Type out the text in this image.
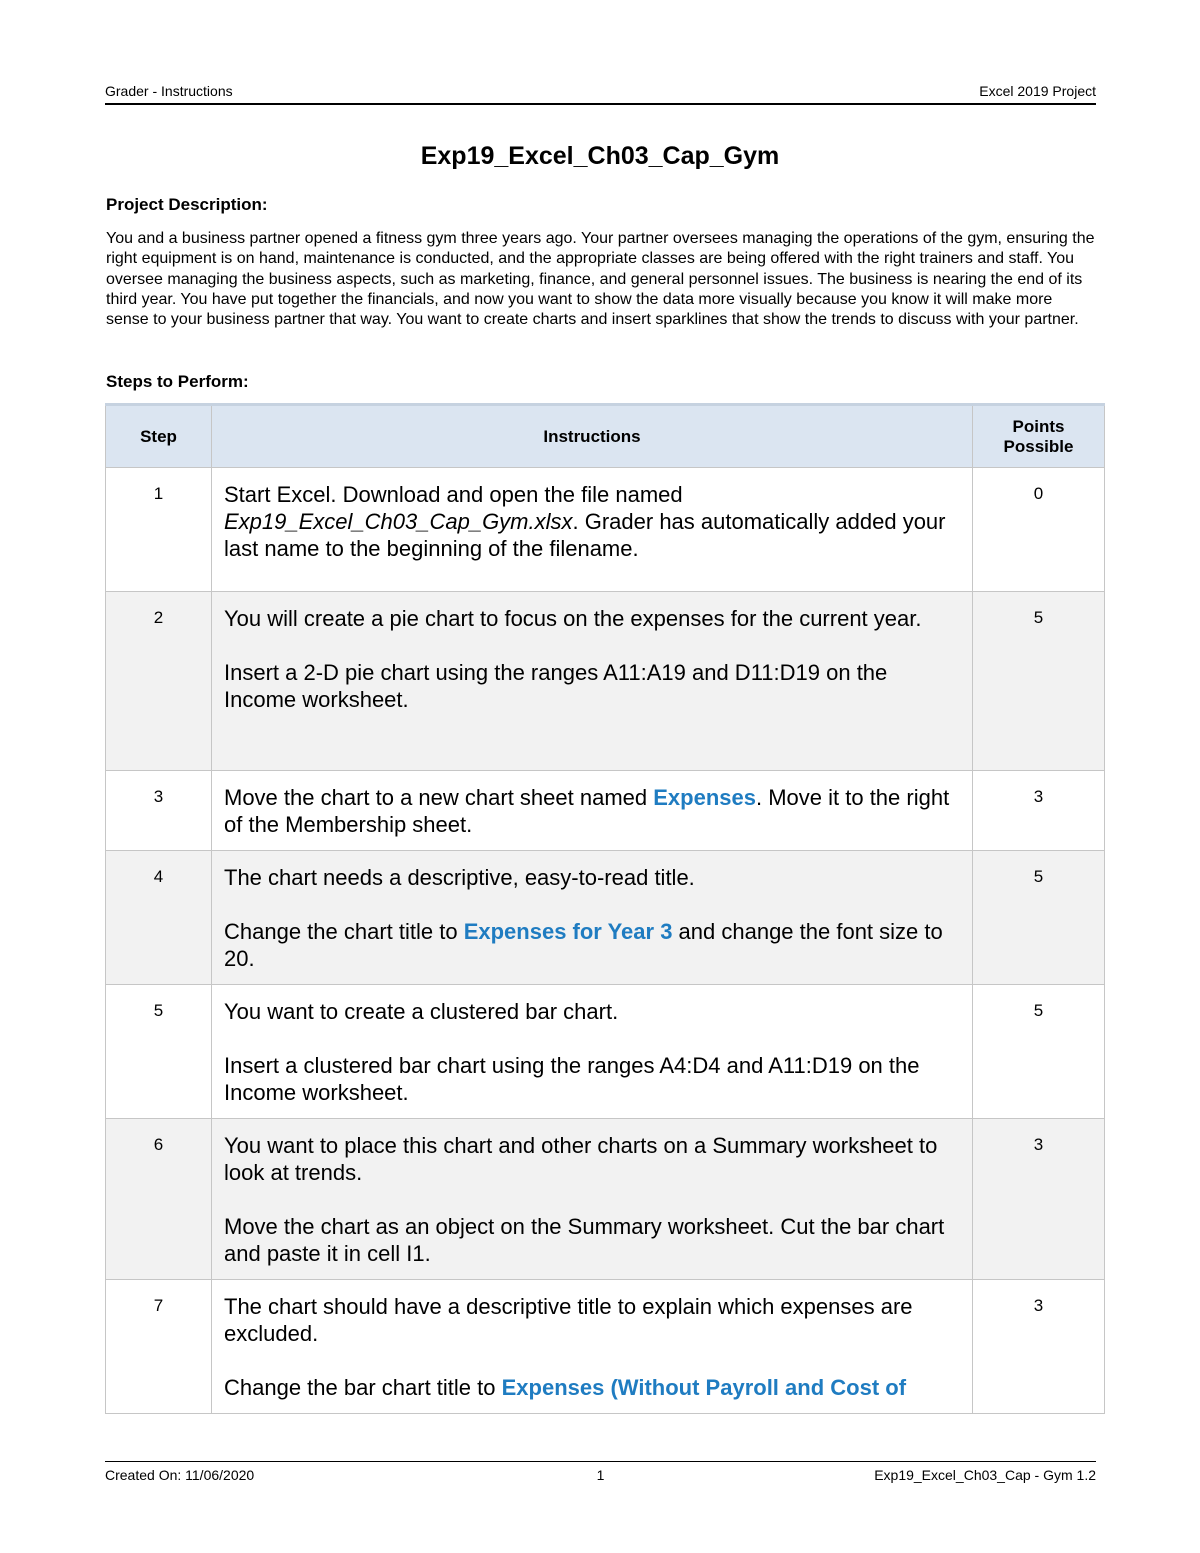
Grader - Instructions	Excel 2019 Project
Exp19_Excel_Ch03_Cap_Gym
Project Description:
You and a business partner opened a fitness gym three years ago. Your partner oversees managing the operations of the gym, ensuring the right equipment is on hand, maintenance is conducted, and the appropriate classes are being offered with the right trainers and staff. You oversee managing the business aspects, such as marketing, finance, and general personnel issues. The business is nearing the end of its third year. You have put together the financials, and now you want to show the data more visually because you know it will make more sense to your business partner that way. You want to create charts and insert sparklines that show the trends to discuss with your partner.
Steps to Perform:
Step	Instructions	Points Possible
1	Start Excel. Download and open the file named Exp19_Excel_Ch03_Cap_Gym.xlsx. Grader has automatically added your last name to the beginning of the filename.	0
2	You will create a pie chart to focus on the expenses for the current year.

Insert a 2-D pie chart using the ranges A11:A19 and D11:D19 on the Income worksheet.	5
3	Move the chart to a new chart sheet named Expenses. Move it to the right of the Membership sheet.	3
4	The chart needs a descriptive, easy-to-read title.

Change the chart title to Expenses for Year 3 and change the font size to 20.	5
5	You want to create a clustered bar chart.

Insert a clustered bar chart using the ranges A4:D4 and A11:D19 on the Income worksheet.	5
6	You want to place this chart and other charts on a Summary worksheet to look at trends.

Move the chart as an object on the Summary worksheet. Cut the bar chart and paste it in cell I1.	3
7	The chart should have a descriptive title to explain which expenses are excluded.

Change the bar chart title to Expenses (Without Payroll and Cost of	3
Created On: 11/06/2020	1	Exp19_Excel_Ch03_Cap - Gym 1.2
